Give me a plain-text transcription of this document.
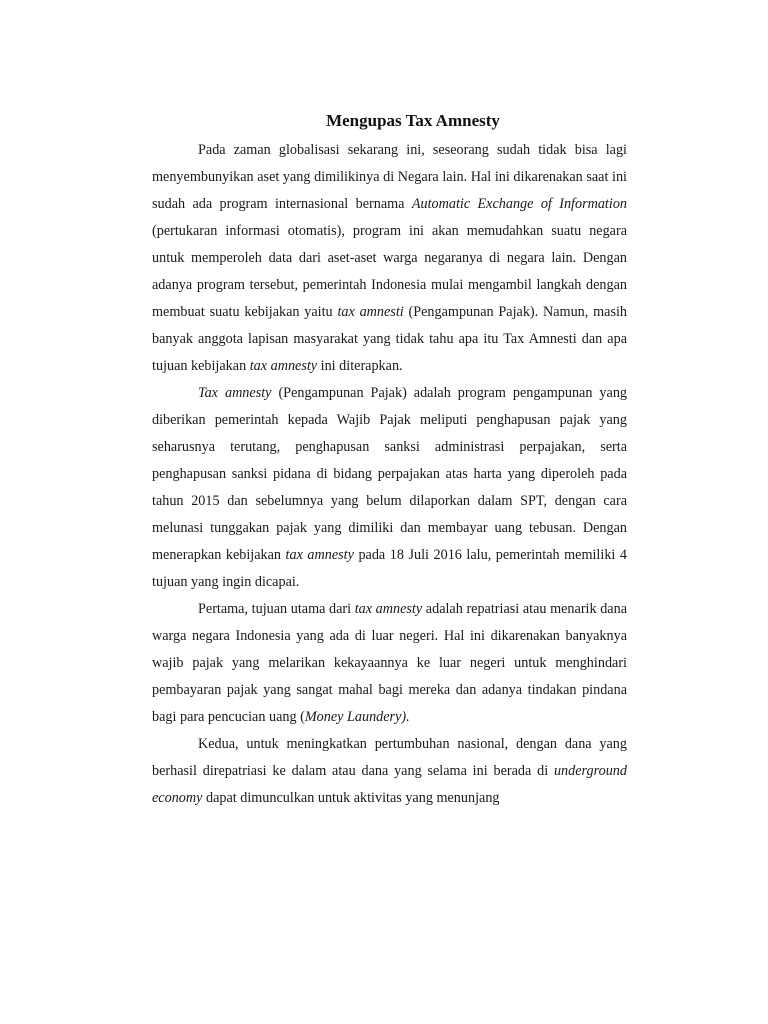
Mengupas Tax Amnesty

Pada zaman globalisasi sekarang ini, seseorang sudah tidak bisa lagi menyembunyikan aset yang dimilikinya di Negara lain. Hal ini dikarenakan saat ini sudah ada program internasional bernama Automatic Exchange of Information (pertukaran informasi otomatis), program ini akan memudahkan suatu negara untuk memperoleh data dari aset-aset warga negaranya di negara lain. Dengan adanya program tersebut, pemerintah Indonesia mulai mengambil langkah dengan membuat suatu kebijakan yaitu tax amnesti (Pengampunan Pajak). Namun, masih banyak anggota lapisan masyarakat yang tidak tahu apa itu Tax Amnesti dan apa tujuan kebijakan tax amnesty ini diterapkan.

Tax amnesty (Pengampunan Pajak) adalah program pengampunan yang diberikan pemerintah kepada Wajib Pajak meliputi penghapusan pajak yang seharusnya terutang, penghapusan sanksi administrasi perpajakan, serta penghapusan sanksi pidana di bidang perpajakan atas harta yang diperoleh pada tahun 2015 dan sebelumnya yang belum dilaporkan dalam SPT, dengan cara melunasi tunggakan pajak yang dimiliki dan membayar uang tebusan. Dengan menerapkan kebijakan tax amnesty pada 18 Juli 2016 lalu, pemerintah memiliki 4 tujuan yang ingin dicapai.

Pertama, tujuan utama dari tax amnesty adalah repatriasi atau menarik dana warga negara Indonesia yang ada di luar negeri. Hal ini dikarenakan banyaknya wajib pajak yang melarikan kekayaannya ke luar negeri untuk menghindari pembayaran pajak yang sangat mahal bagi mereka dan adanya tindakan pindana bagi para pencucian uang (Money Laundery).

Kedua, untuk meningkatkan pertumbuhan nasional, dengan dana yang berhasil direpatriasi ke dalam atau dana yang selama ini berada di underground economy dapat dimunculkan untuk aktivitas yang menunjang
